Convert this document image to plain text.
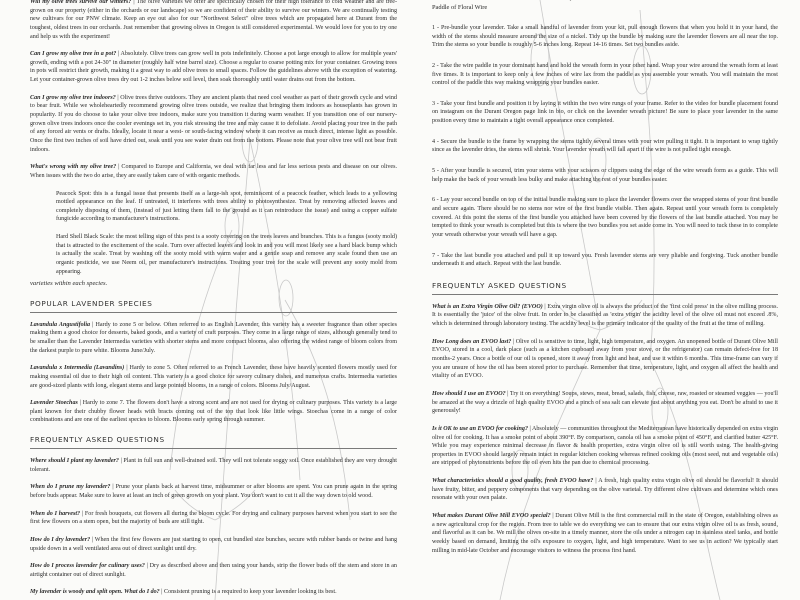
Will my olive trees survive our winters? | The olive varieties we offer are specifically chosen for their high tolerance to cold weather and are tree-grown on our property (either in the orchards or our landscape) so we are confident of their ability to survive our winters. We are continually testing new cultivars for our PNW climate. Keep an eye out also for our "Northwest Select" olive trees which are propagated here at Durant from the toughest, oldest trees in our orchards. Just remember that growing olives in Oregon is still considered experimental. We would love for you to try one and help us with the experiment!

Can I grow my olive tree in a pot? | Absolutely. Olive trees can grow well in pots indefinitely. Choose a pot large enough to allow for multiple years' growth, ending with a pot 24-30" in diameter (roughly half wine barrel size). Choose a regular to coarse potting mix for your container. Growing trees in pots will restrict their growth, making it a great way to add olive trees to small spaces. Follow the guidelines above with the exception of watering. Let your container-grown olive trees dry out 1-2 inches below soil level, then soak thoroughly until water drains out from the bottom.

Can I grow my olive tree indoors? | Olive trees thrive outdoors. They are ancient plants that need cool weather as part of their growth cycle and wind to bear fruit. While we wholeheartedly recommend growing olive trees outside, we realize that bringing them indoors as houseplants has grown in popularity. If you do choose to take your olive tree indoors, make sure you transition it during warm weather. If you transition one of our nursery-grown olive trees indoors once the cooler evenings set in, you risk stressing the tree and may cause it to defoliate. Avoid placing your tree in the path of any forced air vents or drafts. Ideally, locate it near a west- or south-facing window where it can receive as much direct, intense light as possible. Once the first two inches of soil have dried out, soak until you see water drain out from the bottom. Please note that your olive tree will not bear fruit indoors.

What's wrong with my olive tree? | Compared to Europe and California, we deal with far less and far less serious pests and disease on our olives. When issues with the two do arise, they are easily taken care of with organic methods.

Peacock Spot: this is a fungal issue that presents itself as a large-ish spot, reminiscent of a peacock feather, which leads to a yellowing mottled appearance on the leaf. If untreated, it interferes with trees ability to photosynthesize. Treat by removing affected leaves and completely disposing of them, (instead of just letting them fall to the ground as it can reintroduce the issue) and using a copper sulfate fungicide according to manufacturer's instructions.

Hard Shell Black Scale: the most telling sign of this pest is a sooty covering on the trees leaves and branches. This is a fungus (sooty mold) that is attracted to the excitement of the scale. Turn over affected leaves and look in and you will most likely see a hard black bump which is actually the scale. Treat by washing off the sooty mold with warm water and a gentle soap and remove any scale found then use an organic pesticide, we use Neem oil, per manufacturer's instructions. Treating your tree for the scale will prevent any sooty mold from appearing.

varieties within each species.

POPULAR LAVENDER SPECIES

Lavandula Angustifolia | Hardy to zone 5 or below. Often referred to as English Lavender, this variety has a sweeter fragrance than other species making them a good choice for desserts, baked goods, and a variety of craft purposes. They come in a large range of sizes, although generally tend to be smaller than the Lavender Intermedia varieties with shorter stems and more compact blooms, also offering the widest range of bloom colors from the darkest purple to pure white. Blooms June/July.

Lavandula x Intermedia (Lavandins) | Hardy to zone 5. Often referred to as French Lavender, these have heavily scented flowers mostly used for making essential oil due to their high oil content. This variety is a good choice for savory culinary dishes, and numerous crafts. Intermedia varieties are good-sized plants with long, elegant stems and large pointed blooms, in a range of colors. Blooms July/August.

Lavender Stoechas | Hardy to zone 7. The flowers don't have a strong scent and are not used for drying or culinary purposes. This variety is a large plant known for their chubby flower heads with bracts coming out of the top that look like little wings. Stoechas come in a range of color combinations and are one of the earliest species to bloom. Blooms early spring through summer.

FREQUENTLY ASKED QUESTIONS

Where should I plant my lavender? | Plant in full sun and well-drained soil. They will not tolerate soggy soil. Once established they are very drought tolerant.

When do I prune my lavender? | Prune your plants back at harvest time, midsummer or after blooms are spent. You can prune again in the spring before buds appear. Make sure to leave at least an inch of green growth on your plant. You don't want to cut it all the way down to old wood.

When do I harvest? | For fresh bouquets, cut flowers all during the bloom cycle. For drying and culinary purposes harvest when you start to see the first few flowers on a stem open, but the majority of buds are still tight.

How do I dry lavender? | When the first few flowers are just starting to open, cut bundled size bunches, secure with rubber bands or twine and hang upside down in a well ventilated area out of direct sunlight until dry.

How do I process lavender for culinary uses? | Dry as described above and then using your hands, strip the flower buds off the stem and store in an airtight container out of direct sunlight.

My lavender is woody and split open. What do I do? | Consistent pruning is a required to keep your lavender looking its best.

Paddle of Floral Wire

1 - Pre-bundle your lavender. Take a small handful of lavender from your kit, pull enough flowers that when you hold it in your hand, the width of the stems should measure around the size of a nickel. Tidy up the bundle by making sure the lavender flowers are all near the top. Trim the stems so your bundle is roughly 5-6 inches long. Repeat 14-16 times. Set two bundles aside.

2 - Take the wire paddle in your dominant hand and hold the wreath form in your other hand. Wrap your wire around the wreath form at least five times. It is important to keep only a few inches of wire lax from the paddle as you assemble your wreath. You will maintain the most control of the paddle this way making wrapping your bundles easier.

3 - Take your first bundle and position it by laying it within the two wire rungs of your frame. Refer to the video for bundle placement found on instagram on the Durant Oregon page link in bio, or click on the lavender wreath picture! Be sure to place your lavender in the same position every time to maintain a tight overall appearance once completed.

4 - Secure the bundle to the frame by wrapping the stems tightly several times with your wire pulling it tight. It is important to wrap tightly since as the lavender dries, the stems will shrink. Your lavender wreath will fall apart if the wire is not pulled tight enough.

5 - After your bundle is secured, trim your stems with your scissors or clippers using the edge of the wire wreath form as a guide. This will help make the back of your wreath less bulky and make attaching the rest of your bundles easier.

6 - Lay your second bundle on top of the initial bundle making sure to place the lavender flowers over the wrapped stems of your first bundle and secure again. There should be no stems nor wire of the first bundle visible. Then again. Repeat until your wreath form is completely covered. At this point the stems of the first bundle you attached have been covered by the flowers of the last bundle attached. You may be tempted to think your wreath is completed but this is where the two bundles you set aside come in. You will need to tuck these in to complete your wreath otherwise your wreath will have a gap.

7 - Take the last bundle you attached and pull it up toward you. Fresh lavender stems are very pliable and forgiving. Tuck another bundle underneath it and attach. Repeat with the last bundle.

FREQUENTLY ASKED QUESTIONS

What is an Extra Virgin Olive Oil? (EVOO) | Extra virgin olive oil is always the product of the 'first cold press' in the olive milling process. It is essentially the 'juice' of the olive fruit. In order to be classified as 'extra virgin' the acidity level of the olive oil must not exceed .8%, which is determined through laboratory testing. The acidity level is the primary indicator of the quality of the fruit at the time of milling.

How Long does an EVOO last? | Olive oil is sensitive to time, light, high temperature, and oxygen. An unopened bottle of Durant Olive Mill EVOO, stored in a cool, dark place (such as a kitchen cupboard away from your stove, or the refrigerator) can remain defect-free for 18 months-2 years. Once a bottle of our oil is opened, store it away from light and heat, and use it within 6 months. This time-frame can vary if you are unsure of how the oil has been stored prior to purchase. Remember that time, temperature, light, and oxygen all affect the health and vitality of an EVOO.

How should I use an EVOO? | Try it on everything! Soups, stews, meat, bread, salads, fish, cheese, raw, roasted or steamed veggies — you'll be amazed at the way a drizzle of high quality EVOO and a pinch of sea salt can elevate just about anything you eat. Don't be afraid to use it generously!

Is it OK to use an EVOO for cooking? | Absolutely — communities throughout the Mediterranean have historically depended on extra virgin olive oil for cooking. It has a smoke point of about 390°F. By comparison, canola oil has a smoke point of 450°F, and clarified butter 425°F. While you may experience minimal decrease in flavor & health properties, extra virgin olive oil is still worth using. The health-giving properties in EVOO should largely remain intact in regular kitchen cooking whereas refined cooking oils (most seed, nut and vegetable oils) are stripped of phytonutrients before the oil even hits the pan due to chemical processing.

What characteristics should a good quality, fresh EVOO have? | A fresh, high quality extra virgin olive oil should be flavorful! It should have fruity, bitter, and peppery components that vary depending on the olive varietal. Try different olive cultivars and determine which ones resonate with your own palate.

What makes Durant Olive Mill EVOO special? | Durant Olive Mill is the first commercial mill in the state of Oregon, establishing olives as a new agricultural crop for the region. From tree to table we do everything we can to ensure that our extra virgin olive oil is as fresh, sound, and flavorful as it can be. We mill the olives on-site in a timely manner, store the oils under a nitrogen cap in stainless steel tanks, and bottle weekly based on demand, limiting the oil's exposure to oxygen, light, and high temperature. Want to see us in action? We typically start milling in mid-late October and encourage visitors to witness the process first hand.
